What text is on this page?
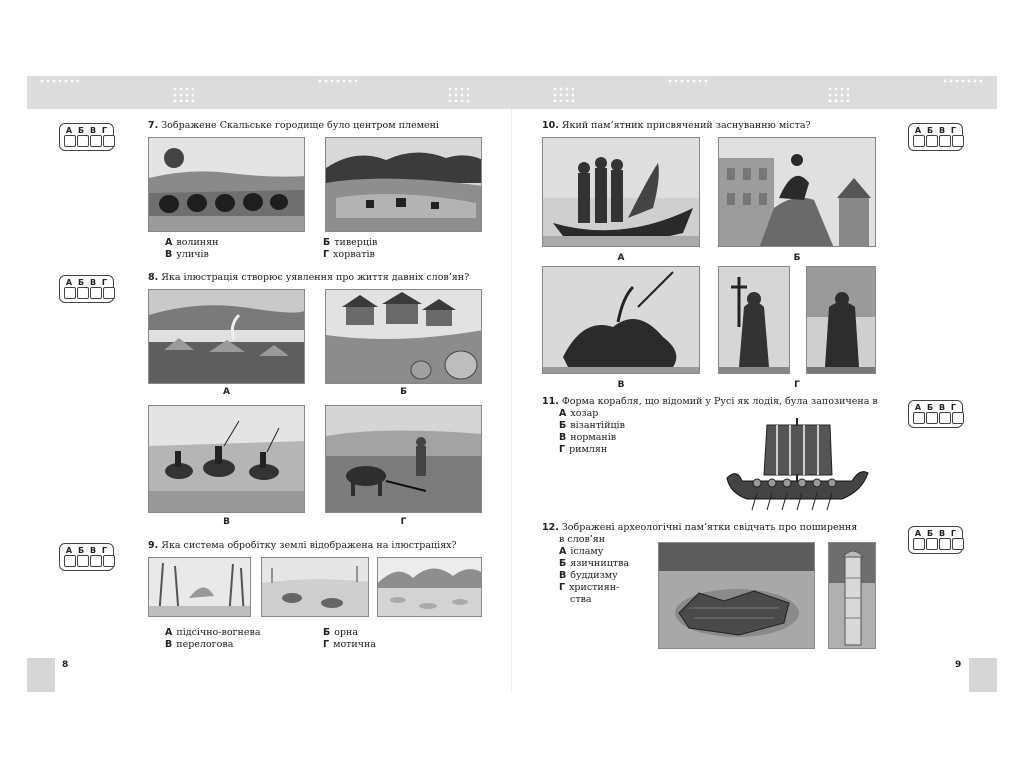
А Б В Г	7. Зображене Скальське городище було центром племені
А волинян	Б тиверців
В уличів	Г хорватів
А Б В Г	8. Яка ілюстрація створює уявлення про життя давніх слов’ян?
А	Б
В	Г
А Б В Г	9. Яка система обробітку землі відображена на ілюстраціях?
А підсічно-вогнева	Б орна
В перелогова	Г мотична
8
10. Який пам’ятник присвячений заснуванню міста?	А Б В Г
А	Б
Г
В
11. Форма корабля, що відомий у Русі як лодія, була запозичена в
А Б В Г
А хозар
Б візантійців
В норманів
Г римлян
12. Зображені археологічні пам’ятки свідчать про поширення
в слов’ян
А Б В Г
А ісламу
Б язичництва
В буддизму
Г християн-
ства
9
